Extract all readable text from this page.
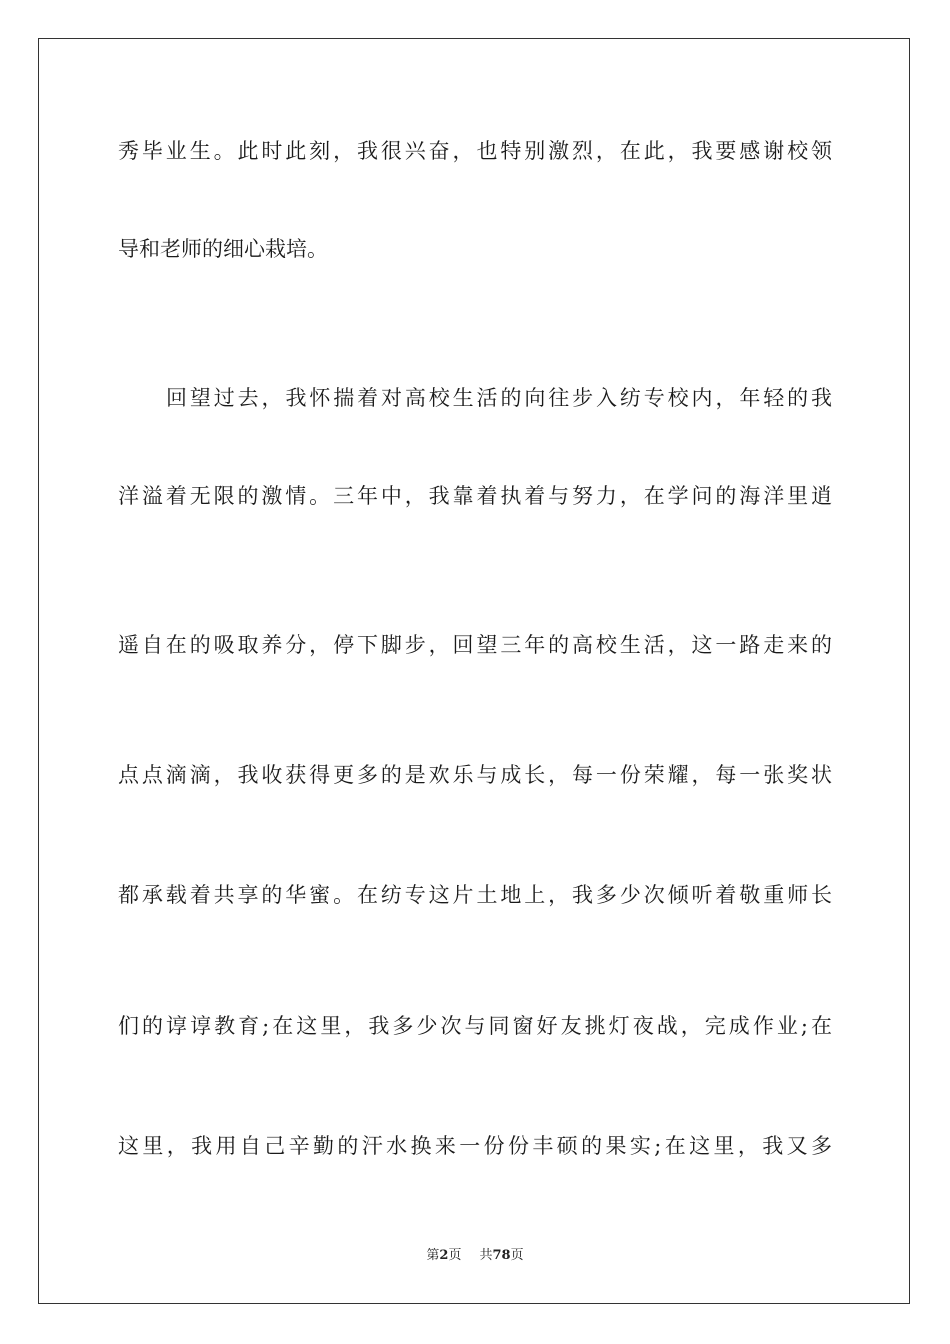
秀毕业生。此时此刻，我很兴奋，也特别激烈，在此，我要感谢校领
导和老师的细心栽培。
回望过去，我怀揣着对高校生活的向往步入纺专校内，年轻的我
洋溢着无限的激情。三年中，我靠着执着与努力，在学问的海洋里逍
遥自在的吸取养分，停下脚步，回望三年的高校生活，这一路走来的
点点滴滴，我收获得更多的是欢乐与成长，每一份荣耀，每一张奖状
都承载着共享的华蜜。在纺专这片土地上，我多少次倾听着敬重师长
们的谆谆教育;在这里，我多少次与同窗好友挑灯夜战，完成作业;在
这里，我用自己辛勤的汗水换来一份份丰硕的果实;在这里，我又多
第2页 共78页
